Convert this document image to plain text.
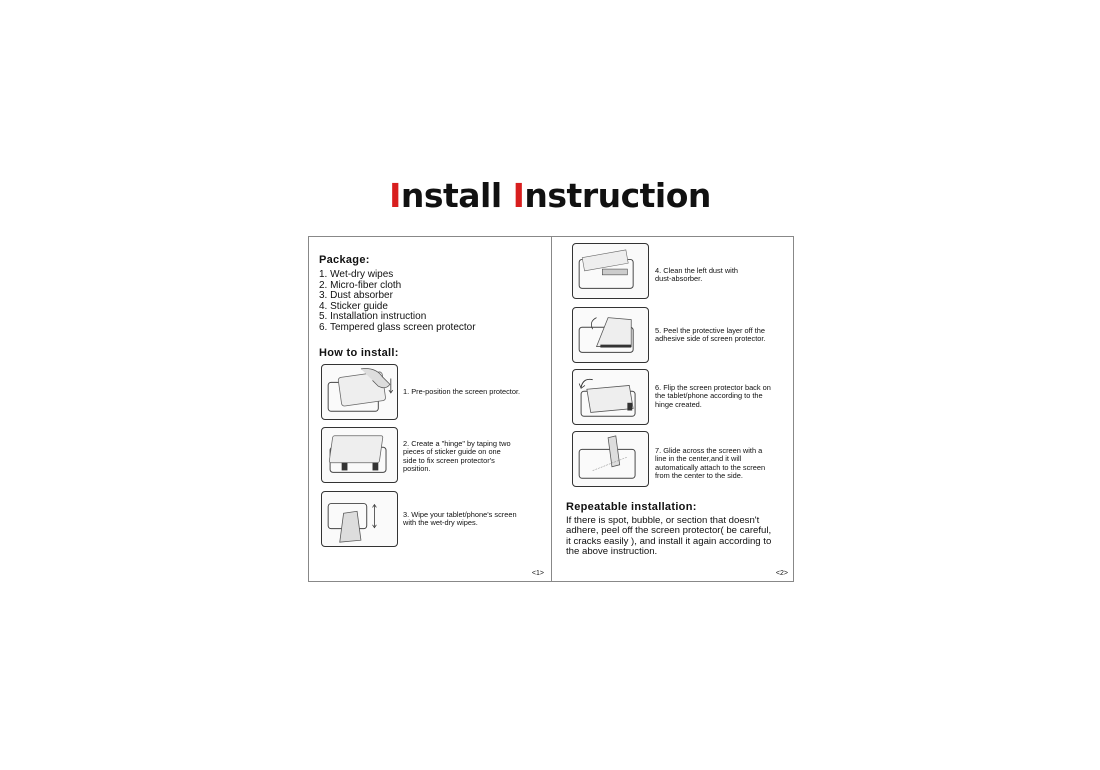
Install Instruction
Package:
1. Wet-dry wipes
2. Micro-fiber cloth
3. Dust absorber
4. Sticker guide
5. Installation instruction
6. Tempered glass screen protector
How to install:
1. Pre-position the screen protector.
2. Create a "hinge" by taping two
pieces of sticker guide on one
side to fix screen protector's
position.
3. Wipe your tablet/phone's screen
with the wet-dry wipes.
<1>
4. Clean the left dust with
dust-absorber.
5. Peel the protective layer off the
adhesive side of screen protector.
6. Flip the screen protector back on
the tablet/phone according to the
hinge created.
7. Glide across the screen with a
line in the center,and it will
automatically attach to the screen
from the center to the side.
Repeatable installation:
If there is spot, bubble, or section that doesn't
adhere, peel off the screen protector( be careful,
it cracks easily ), and install it again according to
the above instruction.
<2>
